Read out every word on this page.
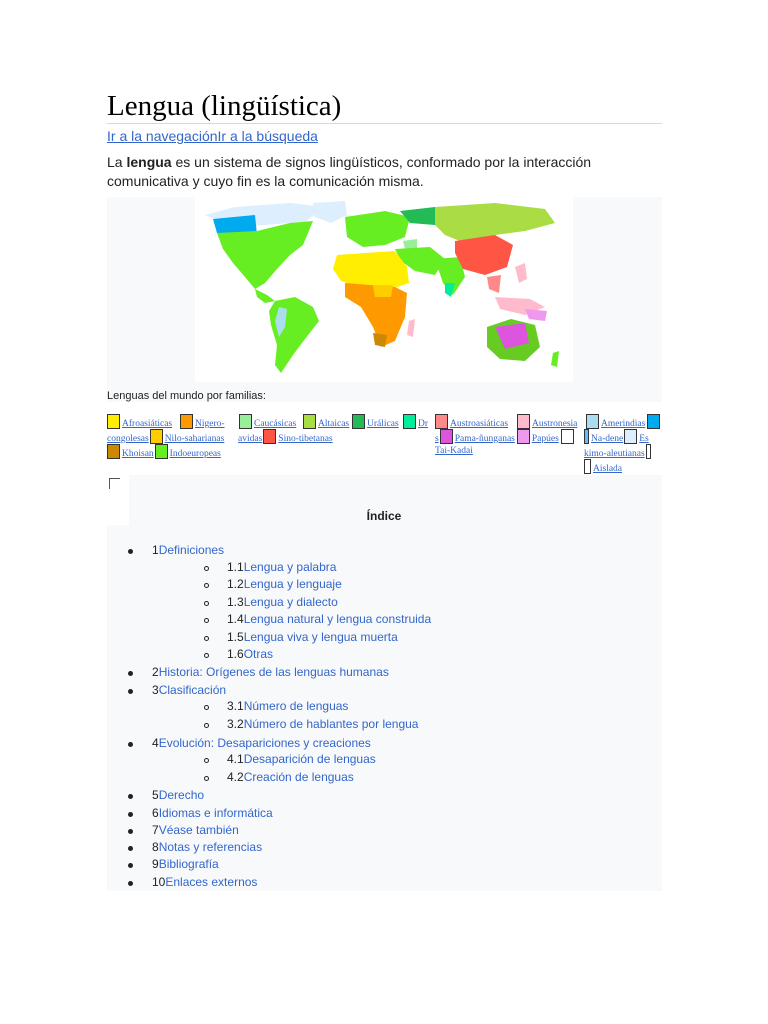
Lengua (lingüística)
Ir a la navegaciónIr a la búsqueda
La lengua es un sistema de signos lingüísticos, conformado por la interacción comunicativa y cuyo fin es la comunicación misma.
Lenguas del mundo por familias:
Afroasiáticas	Nigero-	Caucásicas	Altaicas	Urálicas	Dr	Austroasiáticas	Austronesia	Amerindias
congolesas Nilo-saharianas avidas Sino-tibetanas	s Pama-ñunganas Papúes	Na-dene Es
Khoisan Indoeuropeas	Tai-Kadai	kimo-aleutianas
Aislada
Índice
1Definiciones
1.1Lengua y palabra
1.2Lengua y lenguaje
1.3Lengua y dialecto
1.4Lengua natural y lengua construida
1.5Lengua viva y lengua muerta
1.6Otras
2Historia: Orígenes de las lenguas humanas
3Clasificación
3.1Número de lenguas
3.2Número de hablantes por lengua
4Evolución: Desapariciones y creaciones
4.1Desaparición de lenguas
4.2Creación de lenguas
5Derecho
6Idiomas e informática
7Véase también
8Notas y referencias
9Bibliografía
10Enlaces externos
